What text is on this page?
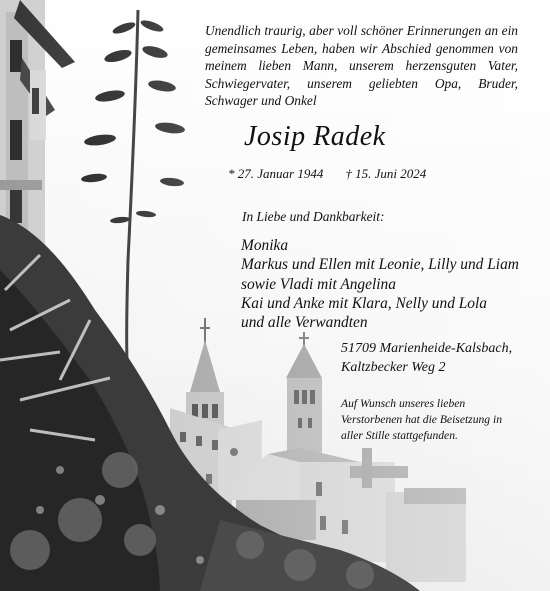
Unendlich traurig, aber voll schöner Erinnerungen an ein gemeinsames Leben, haben wir Abschied genommen von meinem lieben Mann, unserem herzensguten Vater, Schwiegervater, unserem geliebten Opa, Bruder, Schwager und Onkel
Josip Radek
* 27. Januar 1944 † 15. Juni 2024
In Liebe und Dankbarkeit:
Monika
Markus und Ellen mit Leonie, Lilly und Liam
sowie Vladi mit Angelina
Kai und Anke mit Klara, Nelly und Lola
und alle Verwandten
51709 Marienheide-Kalsbach,
Kaltzbecker Weg 2
Auf Wunsch unseres lieben
Verstorbenen hat die Beisetzung in
aller Stille stattgefunden.
